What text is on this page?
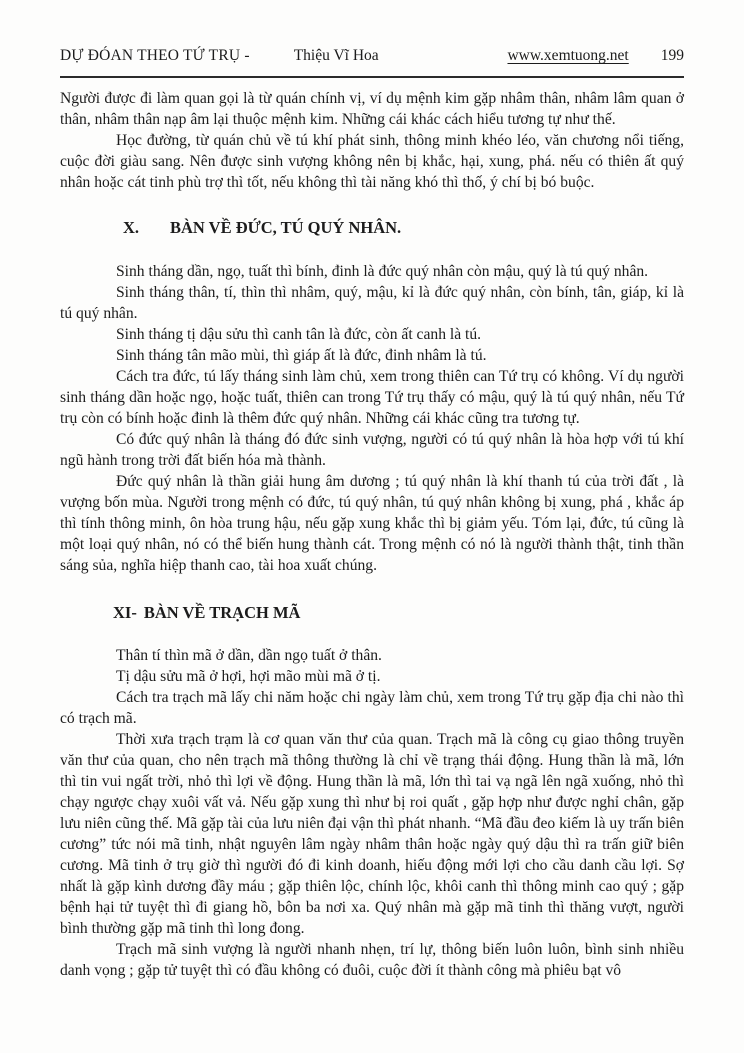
DỰ ĐÓAN THEO TỨ TRỤ -	Thiệu Vĩ Hoa	www.xemtuong.net 199

Người được đi làm quan gọi là từ quán chính vị, ví dụ mệnh kim gặp nhâm thân, nhâm lâm quan ở thân, nhâm thân nạp âm lại thuộc mệnh kim. Những cái khác cách hiểu tương tự như thế.

Học đường, từ quán chủ về tú khí phát sinh, thông minh khéo léo, văn chương nổi tiếng, cuộc đời giàu sang. Nên được sinh vượng không nên bị khắc, hại, xung, phá. nếu có thiên ất quý nhân hoặc cát tinh phù trợ thì tốt, nếu không thì tài năng khó thì thố, ý chí bị bó buộc.

X. BÀN VỀ ĐỨC, TÚ QUÝ NHÂN.

Sinh tháng dần, ngọ, tuất thì bính, đinh là đức quý nhân còn mậu, quý là tú quý nhân.

Sinh tháng thân, tí, thìn thì nhâm, quý, mậu, kỉ là đức quý nhân, còn bính, tân, giáp, kỉ là tú quý nhân.

Sinh tháng tị dậu sửu thì canh tân là đức, còn ất canh là tú.

Sinh tháng tân mão mùi, thì giáp ất là đức, đinh nhâm là tú.

Cách tra đức, tú lấy tháng sinh làm chủ, xem trong thiên can Tứ trụ có không. Ví dụ người sinh tháng dần hoặc ngọ, hoặc tuất, thiên can trong Tứ trụ thấy có mậu, quý là tú quý nhân, nếu Tứ trụ còn có bính hoặc đinh là thêm đức quý nhân. Những cái khác cũng tra tương tự.

Có đức quý nhân là tháng đó đức sinh vượng, người có tú quý nhân là hòa hợp với tú khí ngũ hành trong trời đất biến hóa mà thành.

Đức quý nhân là thần giải hung âm dương ; tú quý nhân là khí thanh tú của trời đất , là vượng bốn mùa. Người trong mệnh có đức, tú quý nhân, tú quý nhân không bị xung, phá , khắc áp thì tính thông minh, ôn hòa trung hậu, nếu gặp xung khắc thì bị giảm yếu. Tóm lại, đức, tú cũng là một loại quý nhân, nó có thể biến hung thành cát. Trong mệnh có nó là người thành thật, tinh thần sáng sủa, nghĩa hiệp thanh cao, tài hoa xuất chúng.

XI- BÀN VỀ TRẠCH MÃ

Thân tí thìn mã ở dần, dần ngọ tuất ở thân.

Tị dậu sửu mã ở hợi, hợi mão mùi mã ở tị.

Cách tra trạch mã lấy chi năm hoặc chi ngày làm chủ, xem trong Tứ trụ gặp địa chi nào thì có trạch mã.

Thời xưa trạch trạm là cơ quan văn thư của quan. Trạch mã là công cụ giao thông truyền văn thư của quan, cho nên trạch mã thông thường là chỉ về trạng thái động. Hung thần là mã, lớn thì tin vui ngất trời, nhỏ thì lợi về động. Hung thần là mã, lớn thì tai vạ ngã lên ngã xuống, nhỏ thì chạy ngược chạy xuôi vất vả. Nếu gặp xung thì như bị roi quất , gặp hợp như được nghỉ chân, gặp lưu niên cũng thế. Mã gặp tài của lưu niên đại vận thì phát nhanh. “Mã đầu đeo kiếm là uy trấn biên cương” tức nói mã tinh, nhật nguyên lâm ngày nhâm thân hoặc ngày quý dậu thì ra trấn giữ biên cương. Mã tinh ở trụ giờ thì người đó đi kinh doanh, hiếu động mới lợi cho cầu danh cầu lợi. Sợ nhất là gặp kình dương đầy máu ; gặp thiên lộc, chính lộc, khôi canh thì thông minh cao quý ; gặp bệnh hại tử tuyệt thì đi giang hồ, bôn ba nơi xa. Quý nhân mà gặp mã tinh thì thăng vượt, người bình thường gặp mã tinh thì long đong.

Trạch mã sinh vượng là người nhanh nhẹn, trí lự, thông biến luôn luôn, bình sinh nhiều danh vọng ; gặp tử tuyệt thì có đầu không có đuôi, cuộc đời ít thành công mà phiêu bạt vô
